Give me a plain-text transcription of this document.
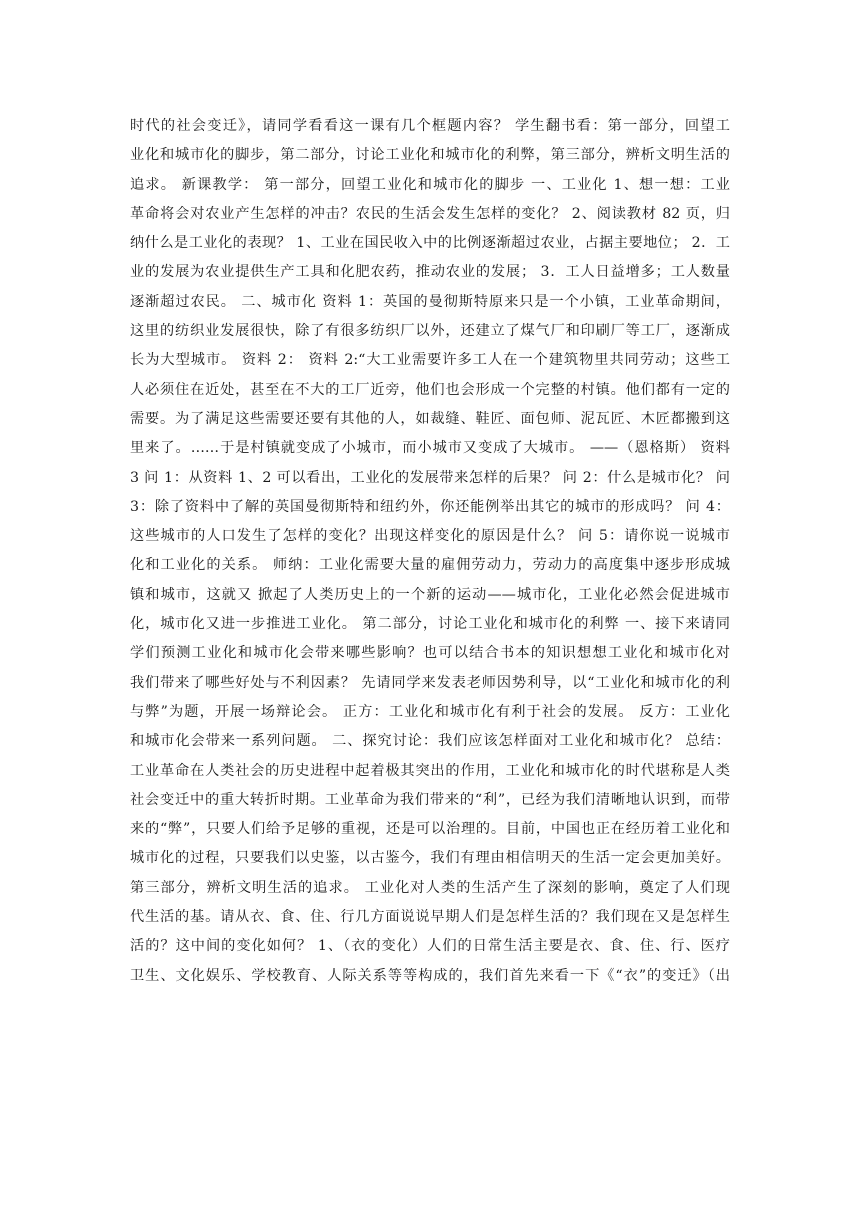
时代的社会变迁》，请同学看看这一课有几个框题内容？ 学生翻书看：第一部分，回望工
业化和城市化的脚步，第二部分，讨论工业化和城市化的利弊，第三部分，辨析文明生活的
追求。 新课教学： 第一部分，回望工业化和城市化的脚步 一、工业化 1、想一想：工业
革命将会对农业产生怎样的冲击？农民的生活会发生怎样的变化？ 2、阅读教材 82 页，归
纳什么是工业化的表现？ 1、工业在国民收入中的比例逐渐超过农业，占据主要地位； 2．工
业的发展为农业提供生产工具和化肥农药，推动农业的发展； 3．工人日益增多；工人数量
逐渐超过农民。 二、城市化 资料 1：英国的曼彻斯特原来只是一个小镇，工业革命期间，
这里的纺织业发展很快，除了有很多纺织厂以外，还建立了煤气厂和印刷厂等工厂，逐渐成
长为大型城市。 资料 2： 资料 2:“大工业需要许多工人在一个建筑物里共同劳动；这些工
人必须住在近处，甚至在不大的工厂近旁，他们也会形成一个完整的村镇。他们都有一定的
需要。为了满足这些需要还要有其他的人，如裁缝、鞋匠、面包师、泥瓦匠、木匠都搬到这
里来了。……于是村镇就变成了小城市，而小城市又变成了大城市。 ——（恩格斯） 资料
3 问 1：从资料 1、2 可以看出，工业化的发展带来怎样的后果？ 问 2：什么是城市化？ 问
3：除了资料中了解的英国曼彻斯特和纽约外，你还能例举出其它的城市的形成吗？ 问 4：
这些城市的人口发生了怎样的变化？出现这样变化的原因是什么？ 问 5：请你说一说城市
化和工业化的关系。 师纳：工业化需要大量的雇佣劳动力，劳动力的高度集中逐步形成城
镇和城市，这就又 掀起了人类历史上的一个新的运动——城市化，工业化必然会促进城市
化，城市化又进一步推进工业化。 第二部分，讨论工业化和城市化的利弊 一、接下来请同
学们预测工业化和城市化会带来哪些影响？也可以结合书本的知识想想工业化和城市化对
我们带来了哪些好处与不利因素？ 先请同学来发表老师因势利导，以“工业化和城市化的利
与弊”为题，开展一场辩论会。 正方：工业化和城市化有利于社会的发展。 反方：工业化
和城市化会带来一系列问题。 二、探究讨论：我们应该怎样面对工业化和城市化？ 总结：
工业革命在人类社会的历史进程中起着极其突出的作用，工业化和城市化的时代堪称是人类
社会变迁中的重大转折时期。工业革命为我们带来的“利”，已经为我们清晰地认识到，而带
来的“弊”，只要人们给予足够的重视，还是可以治理的。目前，中国也正在经历着工业化和
城市化的过程，只要我们以史鉴，以古鉴今，我们有理由相信明天的生活一定会更加美好。
第三部分，辨析文明生活的追求。 工业化对人类的生活产生了深刻的影响，奠定了人们现
代生活的基。请从衣、食、住、行几方面说说早期人们是怎样生活的？我们现在又是怎样生
活的？这中间的变化如何？ 1、（衣的变化）人们的日常生活主要是衣、食、住、行、医疗
卫生、文化娱乐、学校教育、人际关系等等构成的，我们首先来看一下《“衣”的变迁》（出
